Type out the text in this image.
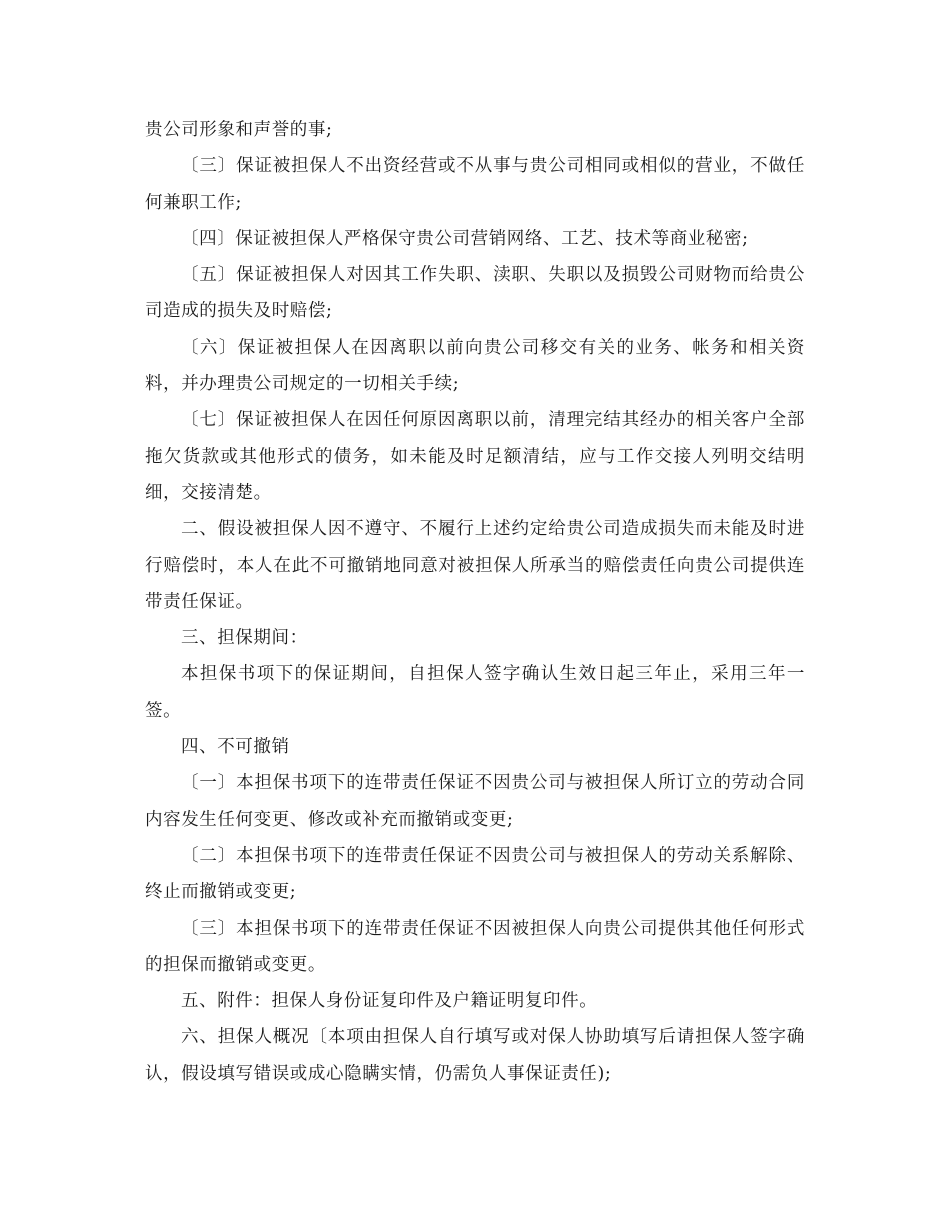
贵公司形象和声誉的事;

〔三〕保证被担保人不出资经营或不从事与贵公司相同或相似的营业，不做任何兼职工作;

〔四〕保证被担保人严格保守贵公司营销网络、工艺、技术等商业秘密;

〔五〕保证被担保人对因其工作失职、渎职、失职以及损毁公司财物而给贵公司造成的损失及时赔偿;

〔六〕保证被担保人在因离职以前向贵公司移交有关的业务、帐务和相关资料，并办理贵公司规定的一切相关手续;

〔七〕保证被担保人在因任何原因离职以前，清理完结其经办的相关客户全部拖欠货款或其他形式的债务，如未能及时足额清结，应与工作交接人列明交结明细，交接清楚。

二、假设被担保人因不遵守、不履行上述约定给贵公司造成损失而未能及时进行赔偿时，本人在此不可撤销地同意对被担保人所承当的赔偿责任向贵公司提供连带责任保证。

三、担保期间：

本担保书项下的保证期间，自担保人签字确认生效日起三年止，采用三年一签。

四、不可撤销

〔一〕本担保书项下的连带责任保证不因贵公司与被担保人所订立的劳动合同内容发生任何变更、修改或补充而撤销或变更;

〔二〕本担保书项下的连带责任保证不因贵公司与被担保人的劳动关系解除、终止而撤销或变更;

〔三〕本担保书项下的连带责任保证不因被担保人向贵公司提供其他任何形式的担保而撤销或变更。

五、附件：担保人身份证复印件及户籍证明复印件。

六、担保人概况〔本项由担保人自行填写或对保人协助填写后请担保人签字确认，假设填写错误或成心隐瞒实情，仍需负人事保证责任);
